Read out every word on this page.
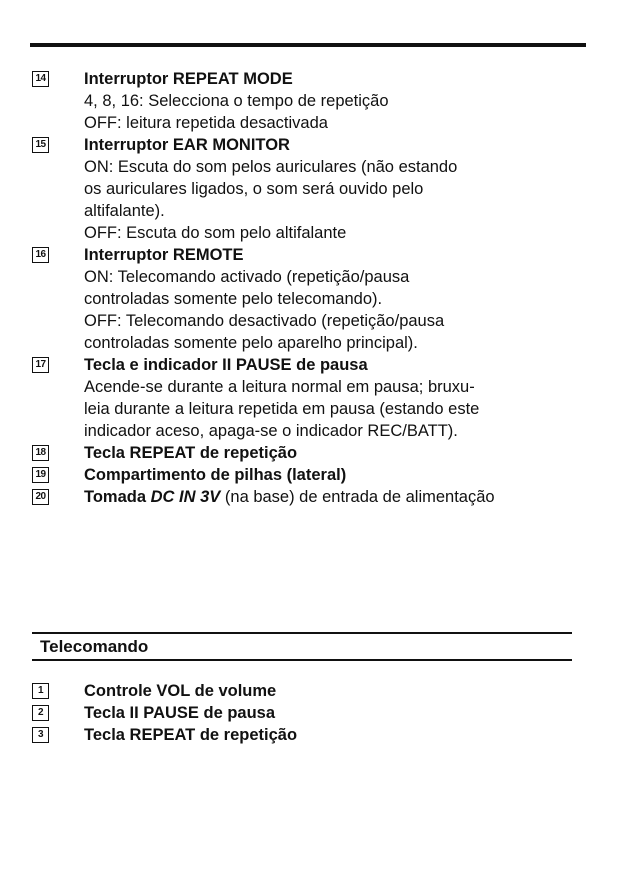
14 Interruptor REPEAT MODE
4, 8, 16: Selecciona o tempo de repetição
OFF: leitura repetida desactivada
15 Interruptor EAR MONITOR
ON: Escuta do som pelos auriculares (não estando
os auriculares ligados, o som será ouvido pelo
altifalante).
OFF: Escuta do som pelo altifalante
16 Interruptor REMOTE
ON: Telecomando activado (repetição/pausa
controladas somente pelo telecomando).
OFF: Telecomando desactivado (repetição/pausa
controladas somente pelo aparelho principal).
17 Tecla e indicador II PAUSE de pausa
Acende-se durante a leitura normal em pausa; bruxu-
leia durante a leitura repetida em pausa (estando este
indicador aceso, apaga-se o indicador REC/BATT).
18 Tecla REPEAT de repetição
19 Compartimento de pilhas (lateral)
20 Tomada DC IN 3V (na base) de entrada de alimentação
Telecomando
1	Controle VOL de volume
2	Tecla II PAUSE de pausa
3	Tecla REPEAT de repetição
